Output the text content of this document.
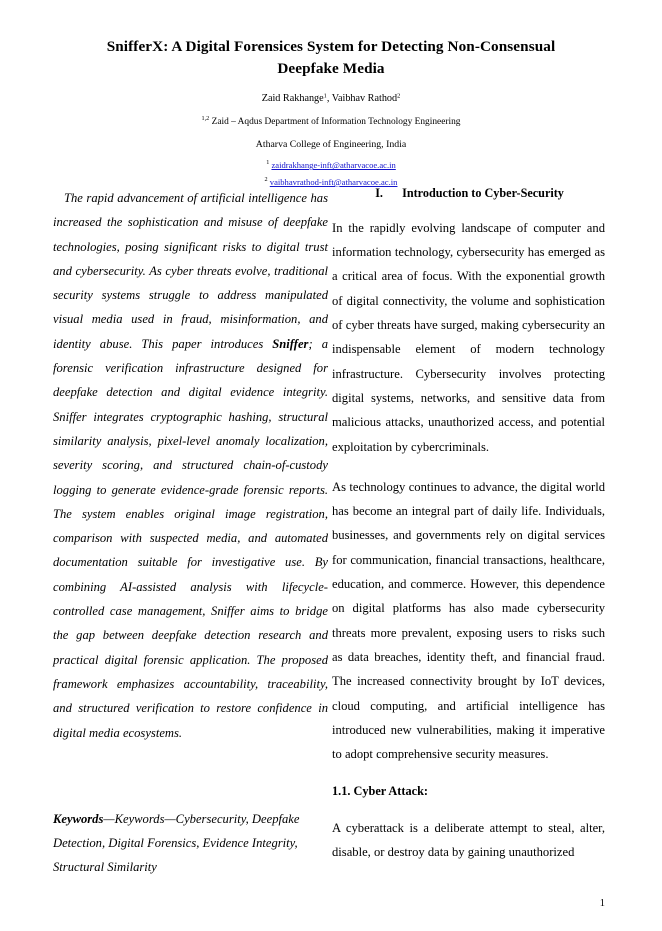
SnifferX: A Digital Forensices System for Detecting Non-Consensual Deepfake Media
Zaid Rakhange$^1$, Vaibhav Rathod$^2$
$^{1,2}$ Zaid – Aqdus Department of Information Technology Engineering
Atharva College of Engineering, India
$^1$ zaidrakhange-inft@atharvacoe.ac.in
$^2$ vaibhavrathod-inft@atharvacoe.ac.in

The rapid advancement of artificial intelligence has increased the sophistication and misuse of deepfake technologies, posing significant risks to digital trust and cybersecurity. As cyber threats evolve, traditional security systems struggle to address manipulated visual media used in fraud, misinformation, and identity abuse. This paper introduces Sniffer; a forensic verification infrastructure designed for deepfake detection and digital evidence integrity. Sniffer integrates cryptographic hashing, structural similarity analysis, pixel-level anomaly localization, severity scoring, and structured chain-of-custody logging to generate evidence-grade forensic reports. The system enables original image registration, comparison with suspected media, and automated documentation suitable for investigative use. By combining AI-assisted analysis with lifecycle-controlled case management, Sniffer aims to bridge the gap between deepfake detection research and practical digital forensic application. The proposed framework emphasizes accountability, traceability, and structured verification to restore confidence in digital media ecosystems.

Keywords—Keywords—Cybersecurity, Deepfake Detection, Digital Forensics, Evidence Integrity, Structural Similarity

I. Introduction to Cyber-Security

In the rapidly evolving landscape of computer and information technology, cybersecurity has emerged as a critical area of focus. With the exponential growth of digital connectivity, the volume and sophistication of cyber threats have surged, making cybersecurity an indispensable element of modern technology infrastructure. Cybersecurity involves protecting digital systems, networks, and sensitive data from malicious attacks, unauthorized access, and potential exploitation by cybercriminals.

As technology continues to advance, the digital world has become an integral part of daily life. Individuals, businesses, and governments rely on digital services for communication, financial transactions, healthcare, education, and commerce. However, this dependence on digital platforms has also made cybersecurity threats more prevalent, exposing users to risks such as data breaches, identity theft, and financial fraud. The increased connectivity brought by IoT devices, cloud computing, and artificial intelligence has introduced new vulnerabilities, making it imperative to adopt comprehensive security measures.

1.1. Cyber Attack:

A cyberattack is a deliberate attempt to steal, alter, disable, or destroy data by gaining unauthorized

1
